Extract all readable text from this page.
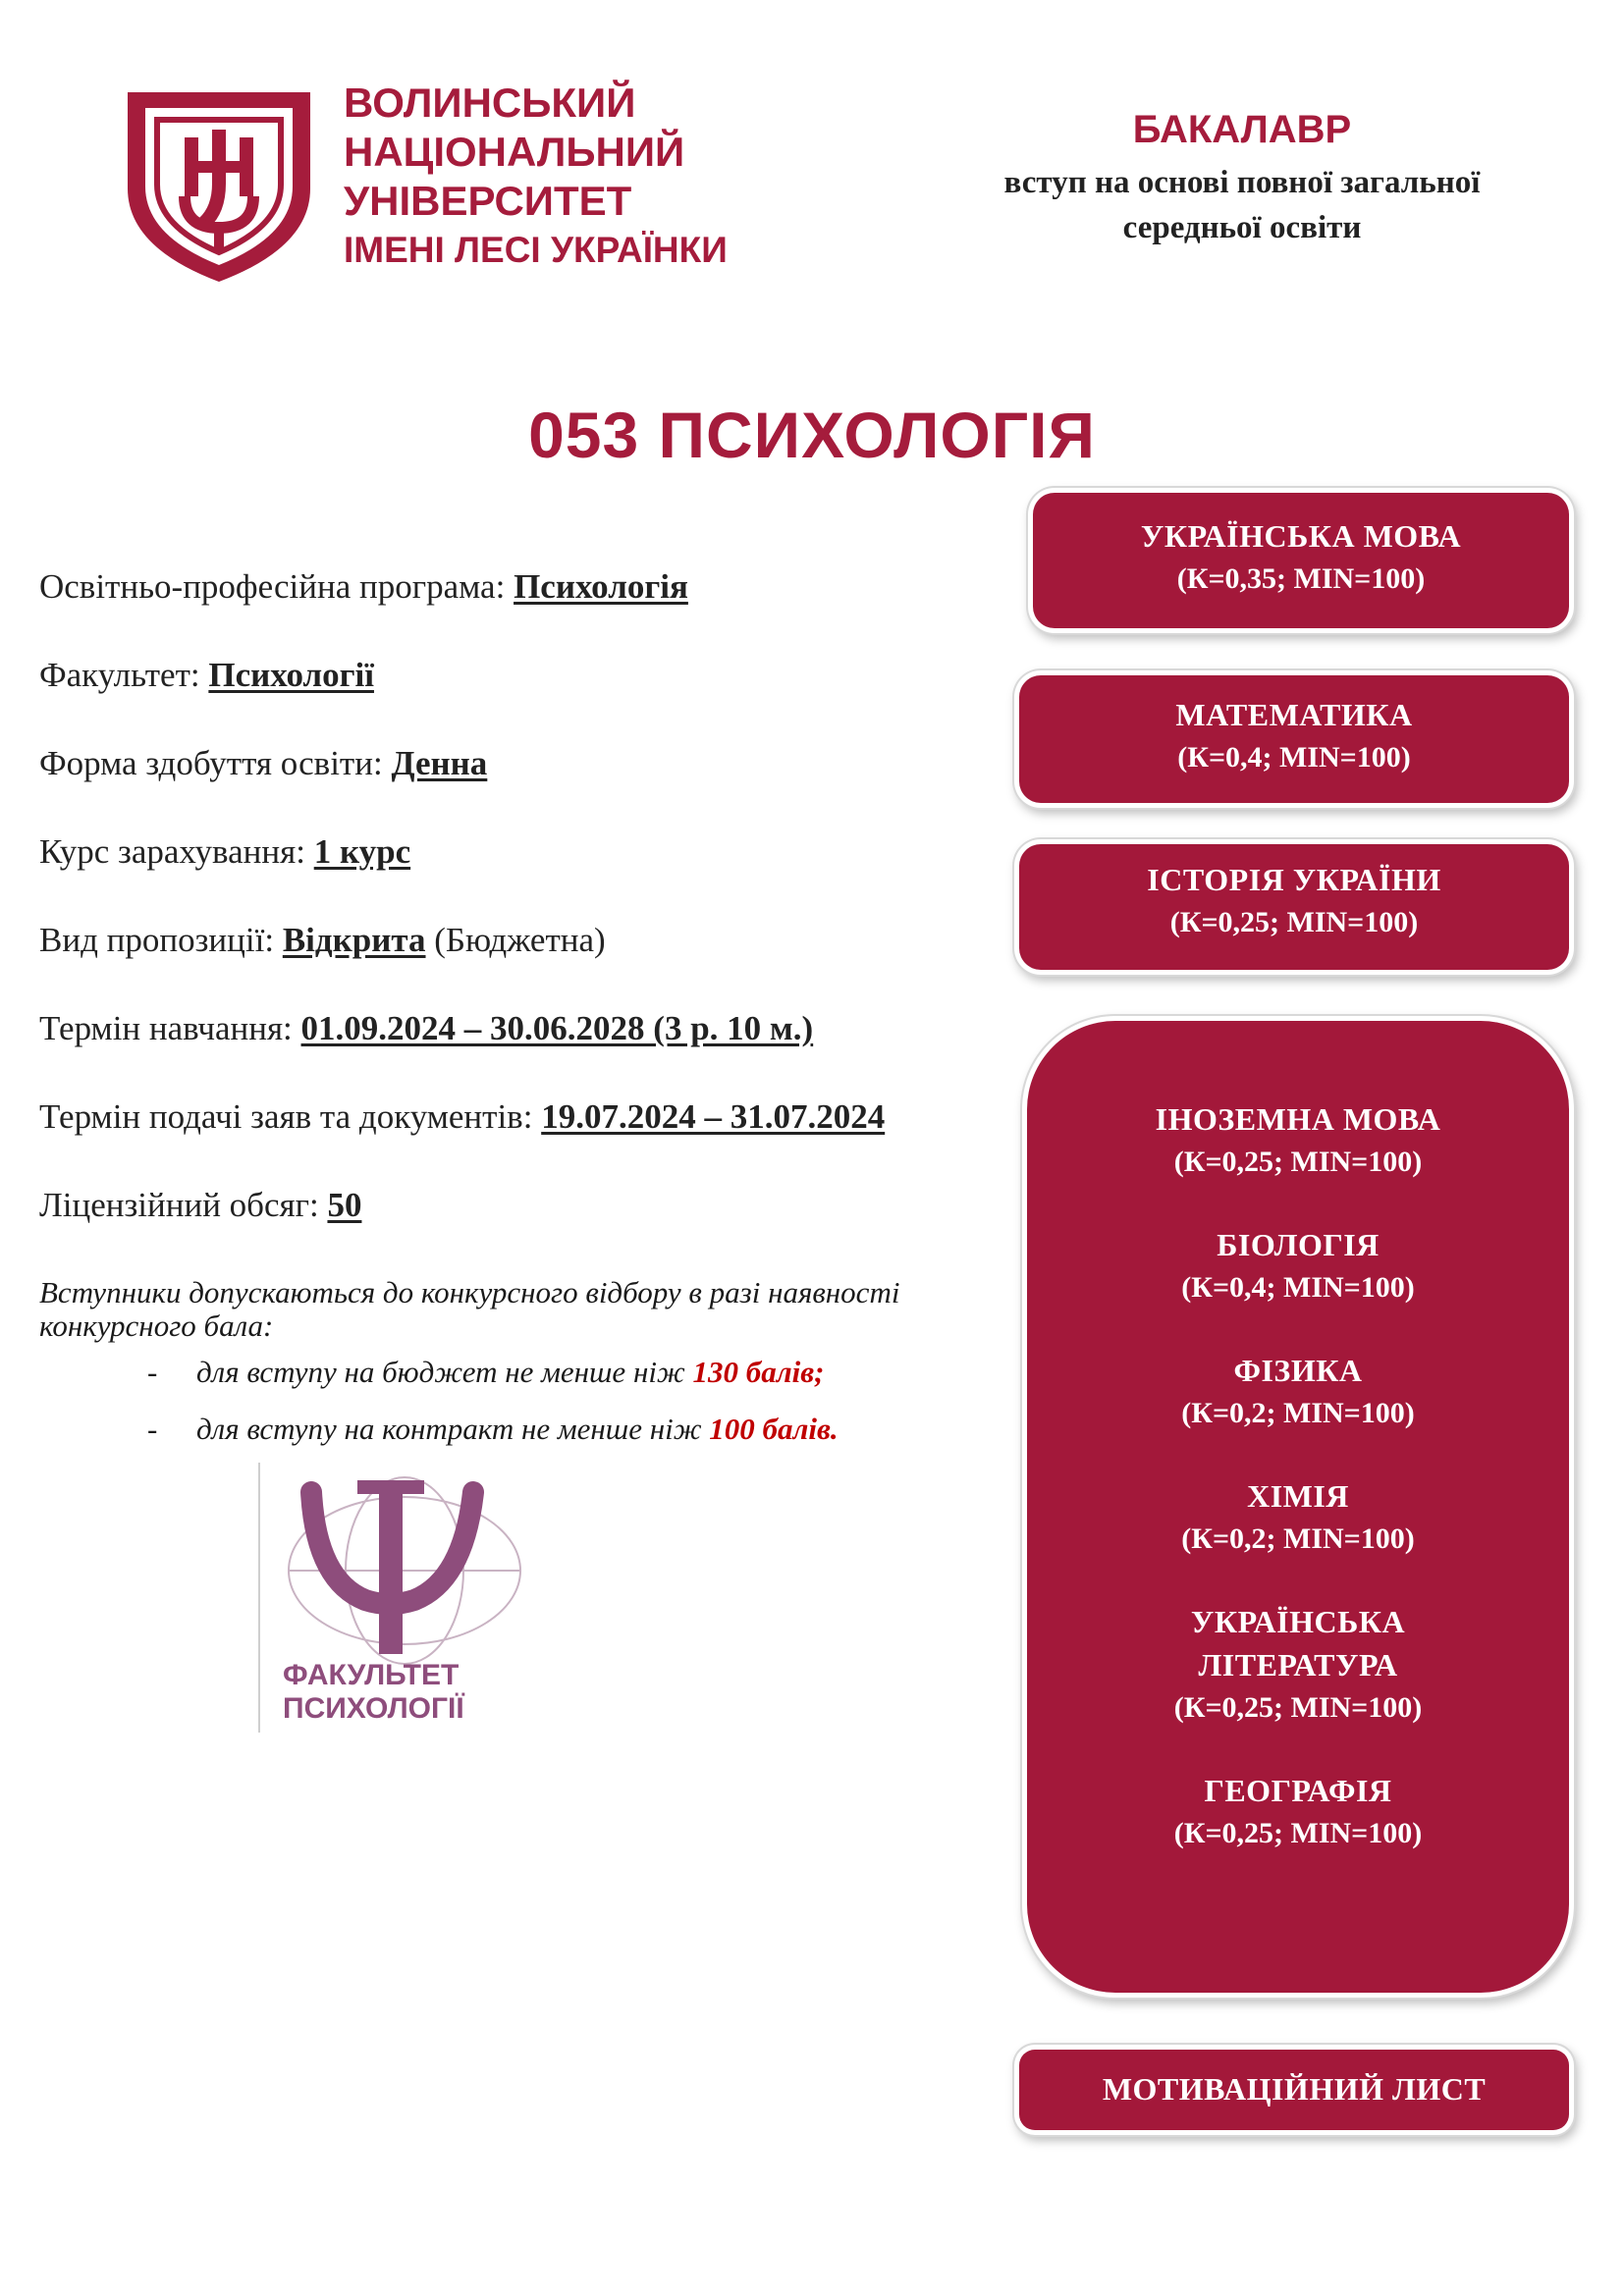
ВОЛИНСЬКИЙ
НАЦІОНАЛЬНИЙ
УНІВЕРСИТЕТ
ІМЕНІ ЛЕСІ УКРАЇНКИ
БАКАЛАВР
вступ на основі повної загальної
середньої освіти
053 ПСИХОЛОГІЯ
Освітньо-професійна програма: Психологія
Факультет: Психології
Форма здобуття освіти: Денна
Курс зарахування: 1 курс
Вид пропозиції: Відкрита (Бюджетна)
Термін навчання: 01.09.2024 – 30.06.2028 (3 р. 10 м.)
Термін подачі заяв та документів: 19.07.2024 – 31.07.2024
Ліцензійний обсяг: 50
Вступники допускаються до конкурсного відбору в разі наявності конкурсного бала:
- для вступу на бюджет не менше ніж 130 балів;
- для вступу на контракт не менше ніж 100 балів.
ФАКУЛЬТЕТ
ПСИХОЛОГІЇ
УКРАЇНСЬКА МОВА
(К=0,35; MIN=100)
МАТЕМАТИКА
(К=0,4; MIN=100)
ІСТОРІЯ УКРАЇНИ
(К=0,25; MIN=100)
ІНОЗЕМНА МОВА
(К=0,25; MIN=100)
БІОЛОГІЯ
(К=0,4; MIN=100)
ФІЗИКА
(К=0,2; MIN=100)
ХІМІЯ
(К=0,2; MIN=100)
УКРАЇНСЬКА
ЛІТЕРАТУРА
(К=0,25; MIN=100)
ГЕОГРАФІЯ
(К=0,25; MIN=100)
МОТИВАЦІЙНИЙ ЛИСТ
